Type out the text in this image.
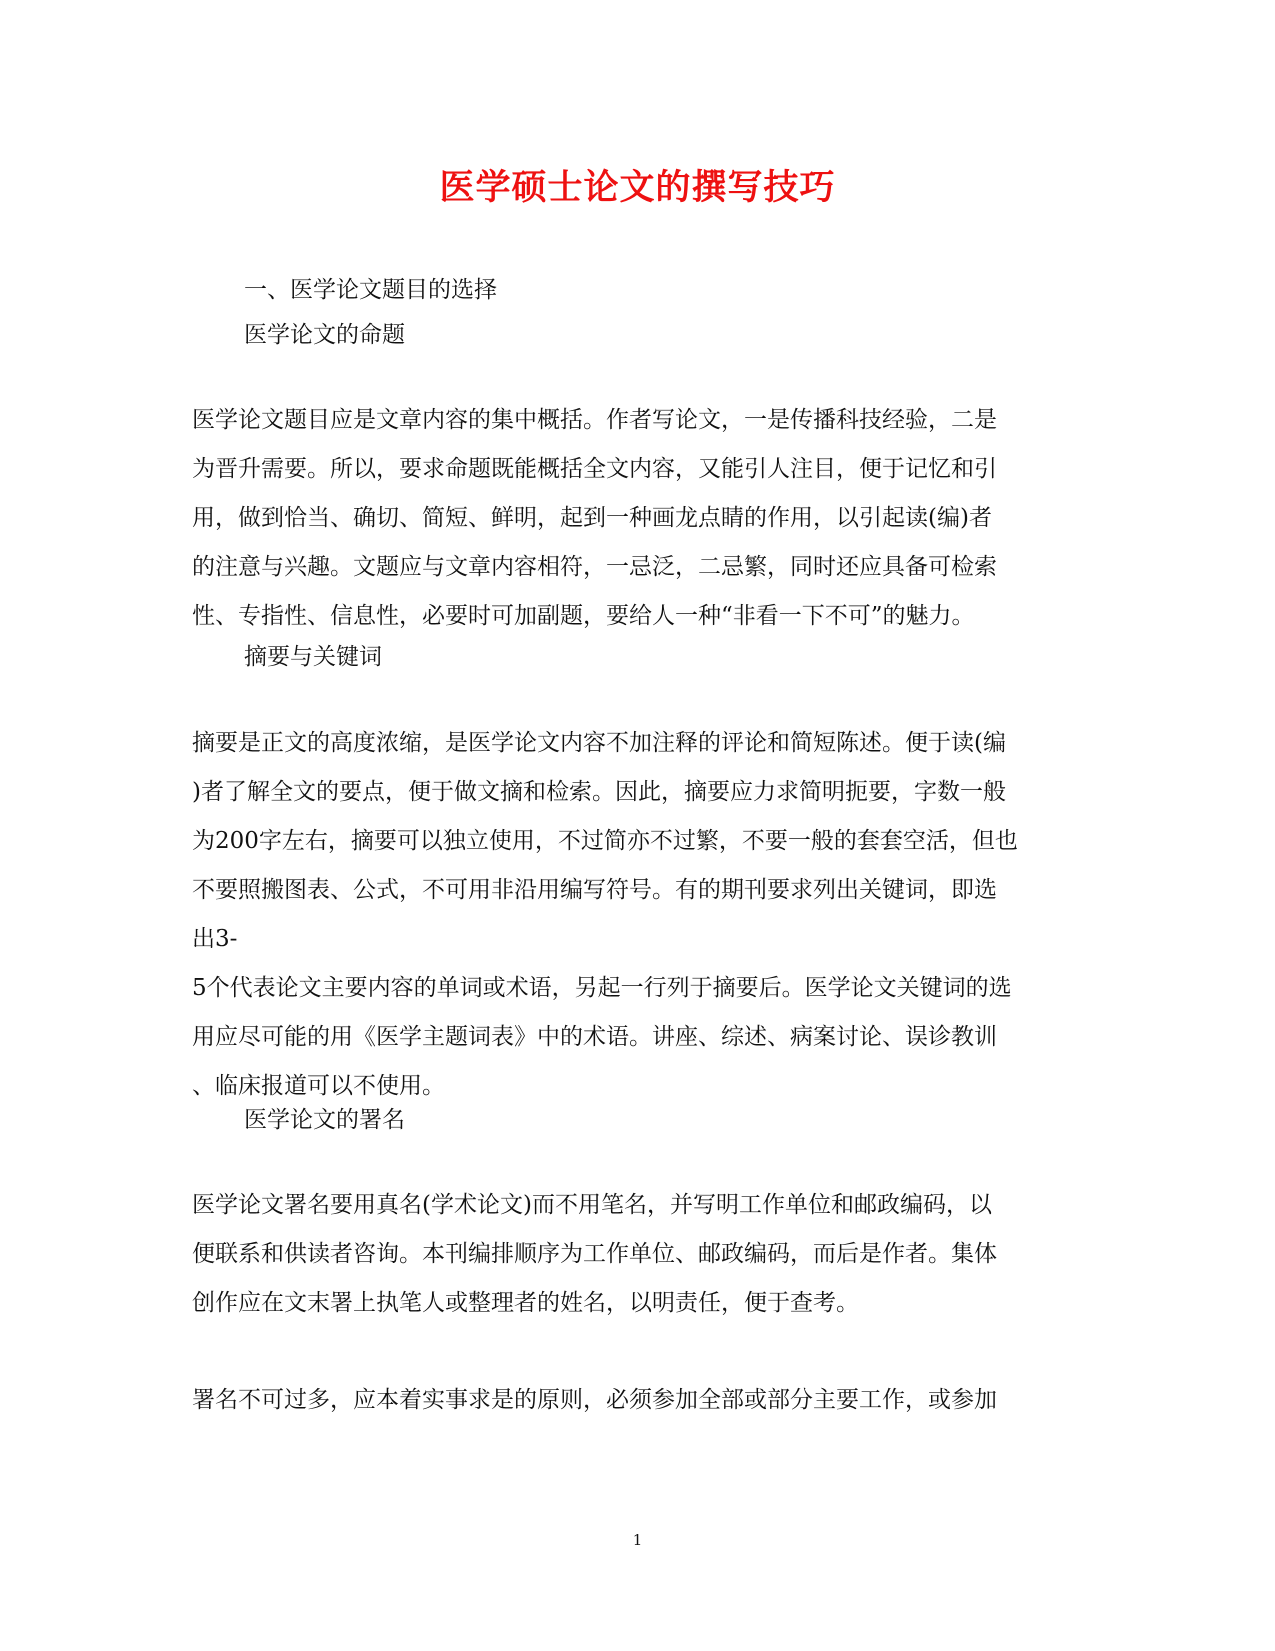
医学硕士论文的撰写技巧
一、医学论文题目的选择
医学论文的命题
医学论文题目应是文章内容的集中概括。作者写论文，一是传播科技经验，二是
为晋升需要。所以，要求命题既能概括全文内容，又能引人注目，便于记忆和引
用，做到恰当、确切、简短、鲜明，起到一种画龙点睛的作用，以引起读(编)者
的注意与兴趣。文题应与文章内容相符，一忌泛，二忌繁，同时还应具备可检索
性、专指性、信息性，必要时可加副题，要给人一种“非看一下不可”的魅力。
摘要与关键词
摘要是正文的高度浓缩，是医学论文内容不加注释的评论和简短陈述。便于读(编
)者了解全文的要点，便于做文摘和检索。因此，摘要应力求简明扼要，字数一般
为200字左右，摘要可以独立使用，不过简亦不过繁，不要一般的套套空活，但也
不要照搬图表、公式，不可用非沿用编写符号。有的期刊要求列出关键词，即选
出3-
5个代表论文主要内容的单词或术语，另起一行列于摘要后。医学论文关键词的选
用应尽可能的用《医学主题词表》中的术语。讲座、综述、病案讨论、误诊教训
、临床报道可以不使用。
医学论文的署名
医学论文署名要用真名(学术论文)而不用笔名，并写明工作单位和邮政编码，以
便联系和供读者咨询。本刊编排顺序为工作单位、邮政编码，而后是作者。集体
创作应在文末署上执笔人或整理者的姓名，以明责任，便于查考。
署名不可过多，应本着实事求是的原则，必须参加全部或部分主要工作，或参加
1
